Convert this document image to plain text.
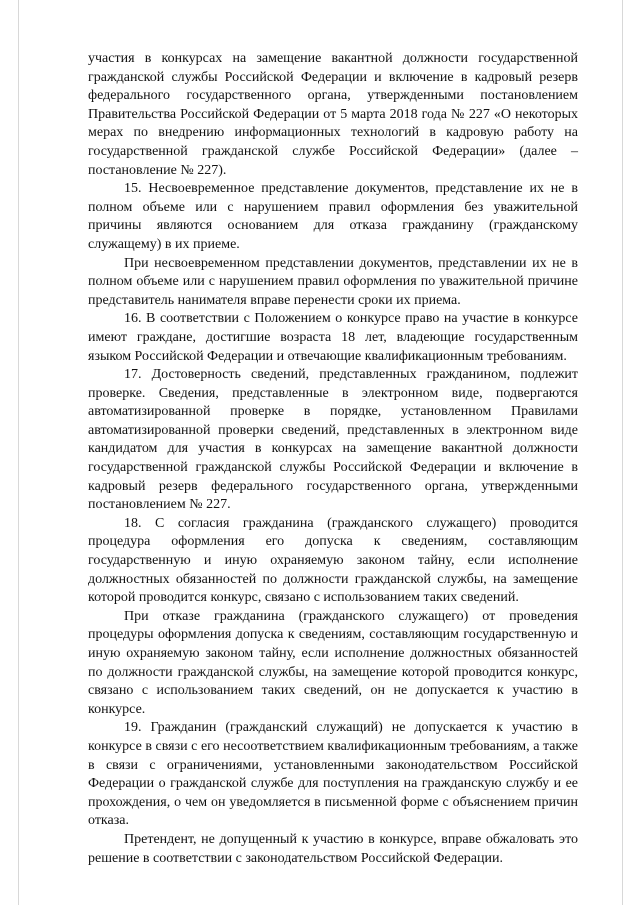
участия в конкурсах на замещение вакантной должности государственной гражданской службы Российской Федерации и включение в кадровый резерв федерального государственного органа, утвержденными постановлением Правительства Российской Федерации от 5 марта 2018 года № 227 «О некоторых мерах по внедрению информационных технологий в кадровую работу на государственной гражданской службе Российской Федерации» (далее – постановление № 227).

15. Несвоевременное представление документов, представление их не в полном объеме или с нарушением правил оформления без уважительной причины являются основанием для отказа гражданину (гражданскому служащему) в их приеме.

При несвоевременном представлении документов, представлении их не в полном объеме или с нарушением правил оформления по уважительной причине представитель нанимателя вправе перенести сроки их приема.

16. В соответствии с Положением о конкурсе право на участие в конкурсе имеют граждане, достигшие возраста 18 лет, владеющие государственным языком Российской Федерации и отвечающие квалификационным требованиям.

17. Достоверность сведений, представленных гражданином, подлежит проверке. Сведения, представленные в электронном виде, подвергаются автоматизированной проверке в порядке, установленном Правилами автоматизированной проверки сведений, представленных в электронном виде кандидатом для участия в конкурсах на замещение вакантной должности государственной гражданской службы Российской Федерации и включение в кадровый резерв федерального государственного органа, утвержденными постановлением № 227.

18. С согласия гражданина (гражданского служащего) проводится процедура оформления его допуска к сведениям, составляющим государственную и иную охраняемую законом тайну, если исполнение должностных обязанностей по должности гражданской службы, на замещение которой проводится конкурс, связано с использованием таких сведений.

При отказе гражданина (гражданского служащего) от проведения процедуры оформления допуска к сведениям, составляющим государственную и иную охраняемую законом тайну, если исполнение должностных обязанностей по должности гражданской службы, на замещение которой проводится конкурс, связано с использованием таких сведений, он не допускается к участию в конкурсе.

19. Гражданин (гражданский служащий) не допускается к участию в конкурсе в связи с его несоответствием квалификационным требованиям, а также в связи с ограничениями, установленными законодательством Российской Федерации о гражданской службе для поступления на гражданскую службу и ее прохождения, о чем он уведомляется в письменной форме с объяснением причин отказа.

Претендент, не допущенный к участию в конкурсе, вправе обжаловать это решение в соответствии с законодательством Российской Федерации.
